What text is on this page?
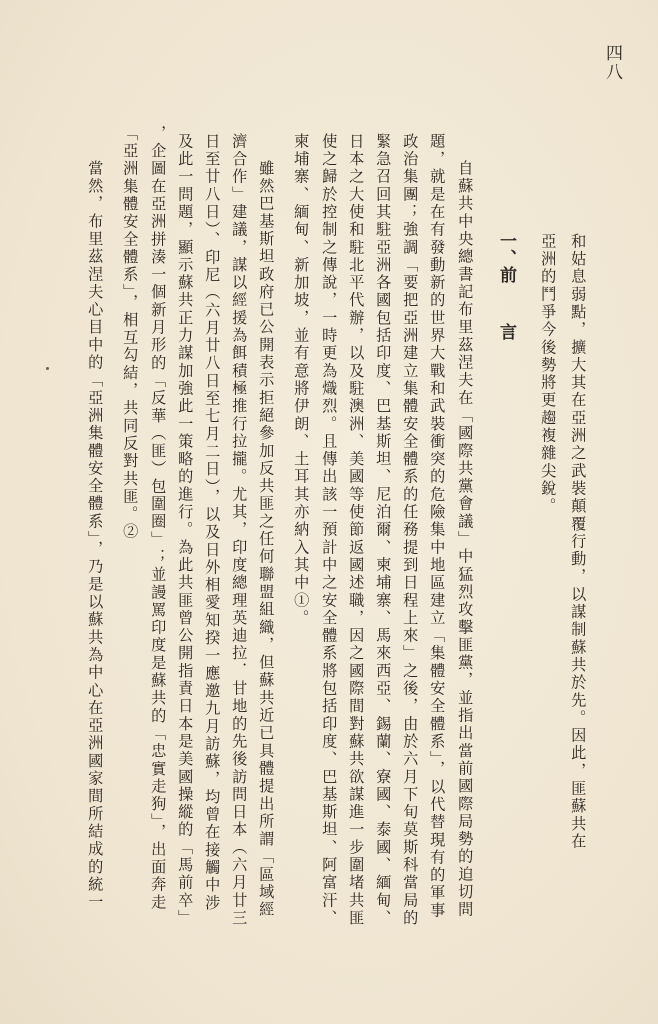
四八
和姑息弱點，擴大其在亞洲之武裝顛覆行動，以謀制蘇共於先。因此，匪蘇共在
亞洲的鬥爭今後勢將更趨複雜尖銳。
一、前言
自蘇共中央總書記布里茲涅夫在「國際共黨會議」中猛烈攻擊匪黨，並指出當前國際局勢的迫切問
題，就是在有發動新的世界大戰和武裝衝突的危險集中地區建立「集體安全體系」，以代替現有的軍事
政治集團；強調「要把亞洲建立集體安全體系的任務提到日程上來」之後，由於六月下旬莫斯科當局的
緊急召回其駐亞洲各國包括印度、巴基斯坦、尼泊爾、柬埔寨、馬來西亞、錫蘭、寮國、泰國、緬甸、
日本之大使和駐北平代辦，以及駐澳洲、美國等使節返國述職，因之國際間對蘇共欲謀進一步圍堵共匪
使之歸於控制之傳說，一時更為熾烈。且傳出該一預計中之安全體系將包括印度、巴基斯坦、阿富汗、
柬埔寨、緬甸、新加坡，並有意將伊朗、土耳其亦納入其中①。
雖然巴基斯坦政府已公開表示拒絕參加反共匪之任何聯盟組織，但蘇共近已具體提出所謂「區域經
濟合作」建議，謀以經援為餌積極推行拉攏。尤其，印度總理英迪拉．甘地的先後訪問日本（六月廿三
日至廿八日）、印尼（六月廿八日至七月二日），以及日外相愛知揆一應邀九月訪蘇，均曾在接觸中涉
及此一問題，顯示蘇共正力謀加強此一策略的進行。為此共匪曾公開指責日本是美國操縱的「馬前卒」
，企圖在亞洲拼湊一個新月形的「反華（匪）包圍圈」；並謾罵印度是蘇共的「忠實走狗」，出面奔走
「亞洲集體安全體系」，相互勾結，共同反對共匪。②
當然，布里茲涅夫心目中的「亞洲集體安全體系」，乃是以蘇共為中心在亞洲國家間所結成的統一
